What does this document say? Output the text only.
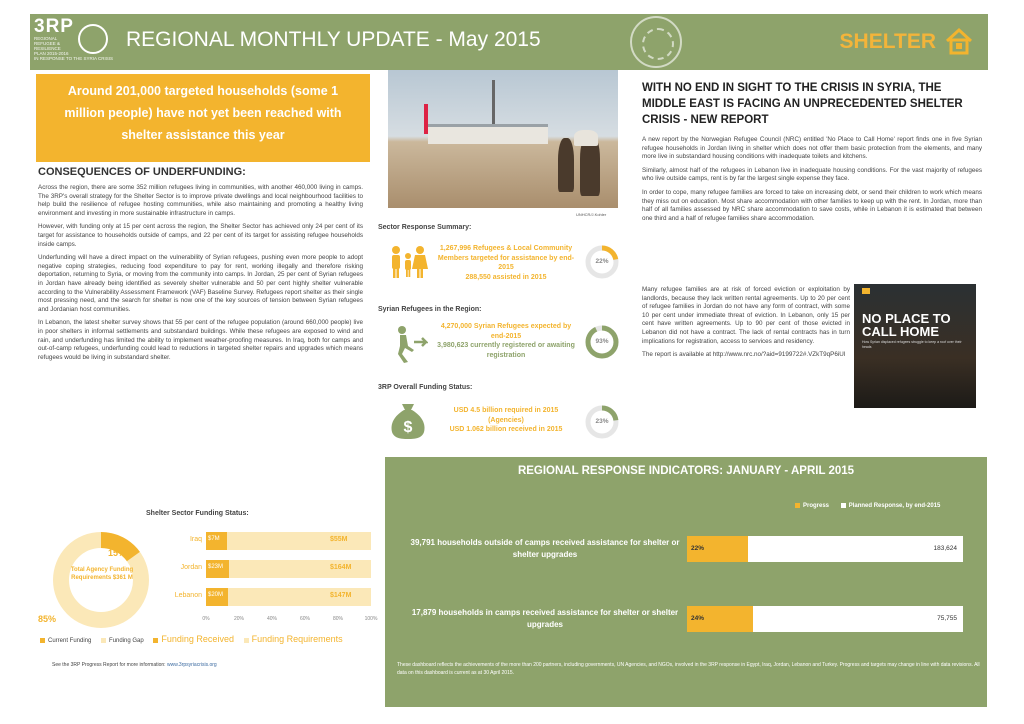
3RP
REGIONAL
REFUGEE &
RESILIENCE
PLAN 2015-2016
IN RESPONSE TO THE SYRIA CRISIS
REGIONAL MONTHLY UPDATE - May 2015	SHELTER
Around 201,000 targeted households (some 1 million people) have not yet been reached with shelter assistance this year
CONSEQUENCES OF UNDERFUNDING:

Across the region, there are some 352 million refugees living in communities, with another 460,000 living in camps. The 3RP's overall strategy for the Shelter Sector is to improve private dwellings and local neighbourhood facilities to help build the resilience of refugee hosting communities, while also maintaining and promoting a healthy living environment and investing in more sustainable infrastructure in camps.

However, with funding only at 15 per cent across the region, the Shelter Sector has achieved only 24 per cent of its target for assistance to households outside of camps, and 22 per cent of its target for assisting refugee households inside camps.

Underfunding will have a direct impact on the vulnerability of Syrian refugees, pushing even more people to adopt negative coping strategies, reducing food expenditure to pay for rent, working illegally and therefore risking deportation, returning to Syria, or moving from the community into camps. In Jordan, 25 per cent of Syrian refugees in Jordan have already being identified as severely shelter vulnerable and 50 per cent highly shelter vulnerable according to the Vulnerability Assessment Framework (VAF) Baseline Survey. Refugees report shelter as their single most pressing need, and the search for shelter is now one of the key sources of tension between Syrian refugees and Jordanian host communities.

In Lebanon, the latest shelter survey shows that 55 per cent of the refugee population (around 660,000 people) live in poor shelters in informal settlements and substandard buildings. While these refugees are exposed to wind and rain, and underfunding has limited the ability to implement weather-proofing measures. In Iraq, both for camps and out-of-camp refugees, underfunding could lead to reductions in targeted shelter repairs and upgrades which means refugees would be living in substandard shelter.

Shelter Sector Funding Status:
Total Agency Funding Requirements $361 M
15%
85%
Iraq $7M	$55M
Jordan $23M	$164M
Lebanon $20M	$147M
0%	20%	40%	60%	80%	100%
Current Funding	Funding Gap Funding Received Funding Requirements
See the 3RP Progress Report for more information: www.3rpsyriacrisis.org
UNHCR/J.Kohler
Sector Response Summary:
1,267,996 Refugees & Local Community Members targeted for assistance by end-2015
288,550 assisted in 2015
22%
Syrian Refugees in the Region:
4,270,000 Syrian Refugees expected by end-2015
3,980,623 currently registered or awaiting registration
93%
3RP Overall Funding Status:
$
USD 4.5 billion required in 2015 (Agencies)
USD 1.062 billion received in 2015
23%
WITH NO END IN SIGHT TO THE CRISIS IN SYRIA, THE MIDDLE EAST IS FACING AN UNPRECEDENTED SHELTER CRISIS - NEW REPORT

A new report by the Norwegian Refugee Council (NRC) entitled 'No Place to Call Home' report finds one in five Syrian refugee households in Jordan living in shelter which does not offer them basic protection from the elements, and many more live in substandard housing conditions with inadequate toilets and kitchens.

Similarly, almost half of the refugees in Lebanon live in inadequate housing conditions. For the vast majority of refugees who live outside camps, rent is by far the largest single expense they face.

In order to cope, many refugee families are forced to take on increasing debt, or send their children to work which means they miss out on education. Most share accommodation with other families to keep up with the rent. In Jordan, more than half of all families assessed by NRC share accommodation to save costs, while in Lebanon it is estimated that between one third and a half of refugee families share accommodation.

Many refugee families are at risk of forced eviction or exploitation by landlords, because they lack written rental agreements. Up to 20 per cent of refugee families in Jordan do not have any form of contract, with some 10 per cent under immediate threat of eviction. In Lebanon, only 15 per cent have written agreements. Up to 90 per cent of those evicted in Lebanon did not have a contract. The lack of rental contracts has in turn implications for registration, access to services and residency.

The report is available at http://www.nrc.no/?aid=9199722#.VZkT9qP6iUl

NO PLACE TO CALL HOME
How Syrian displaced refugees struggle to keep a roof over their heads
REGIONAL RESPONSE INDICATORS: JANUARY - APRIL 2015
Progress	Planned Response, by end-2015
39,791 households outside of camps received assistance for shelter or shelter upgrades
22%	183,624
17,879 households in camps received assistance for shelter or shelter upgrades
24%	75,755
These dashboard reflects the achievements of the more than 200 partners, including governments, UN Agencies, and NGOs, involved in the 3RP response in Egypt, Iraq, Jordan, Lebanon and Turkey. Progress and targets may change in line with data revisions. All data on this dashboard is current as at 30 April 2015.
